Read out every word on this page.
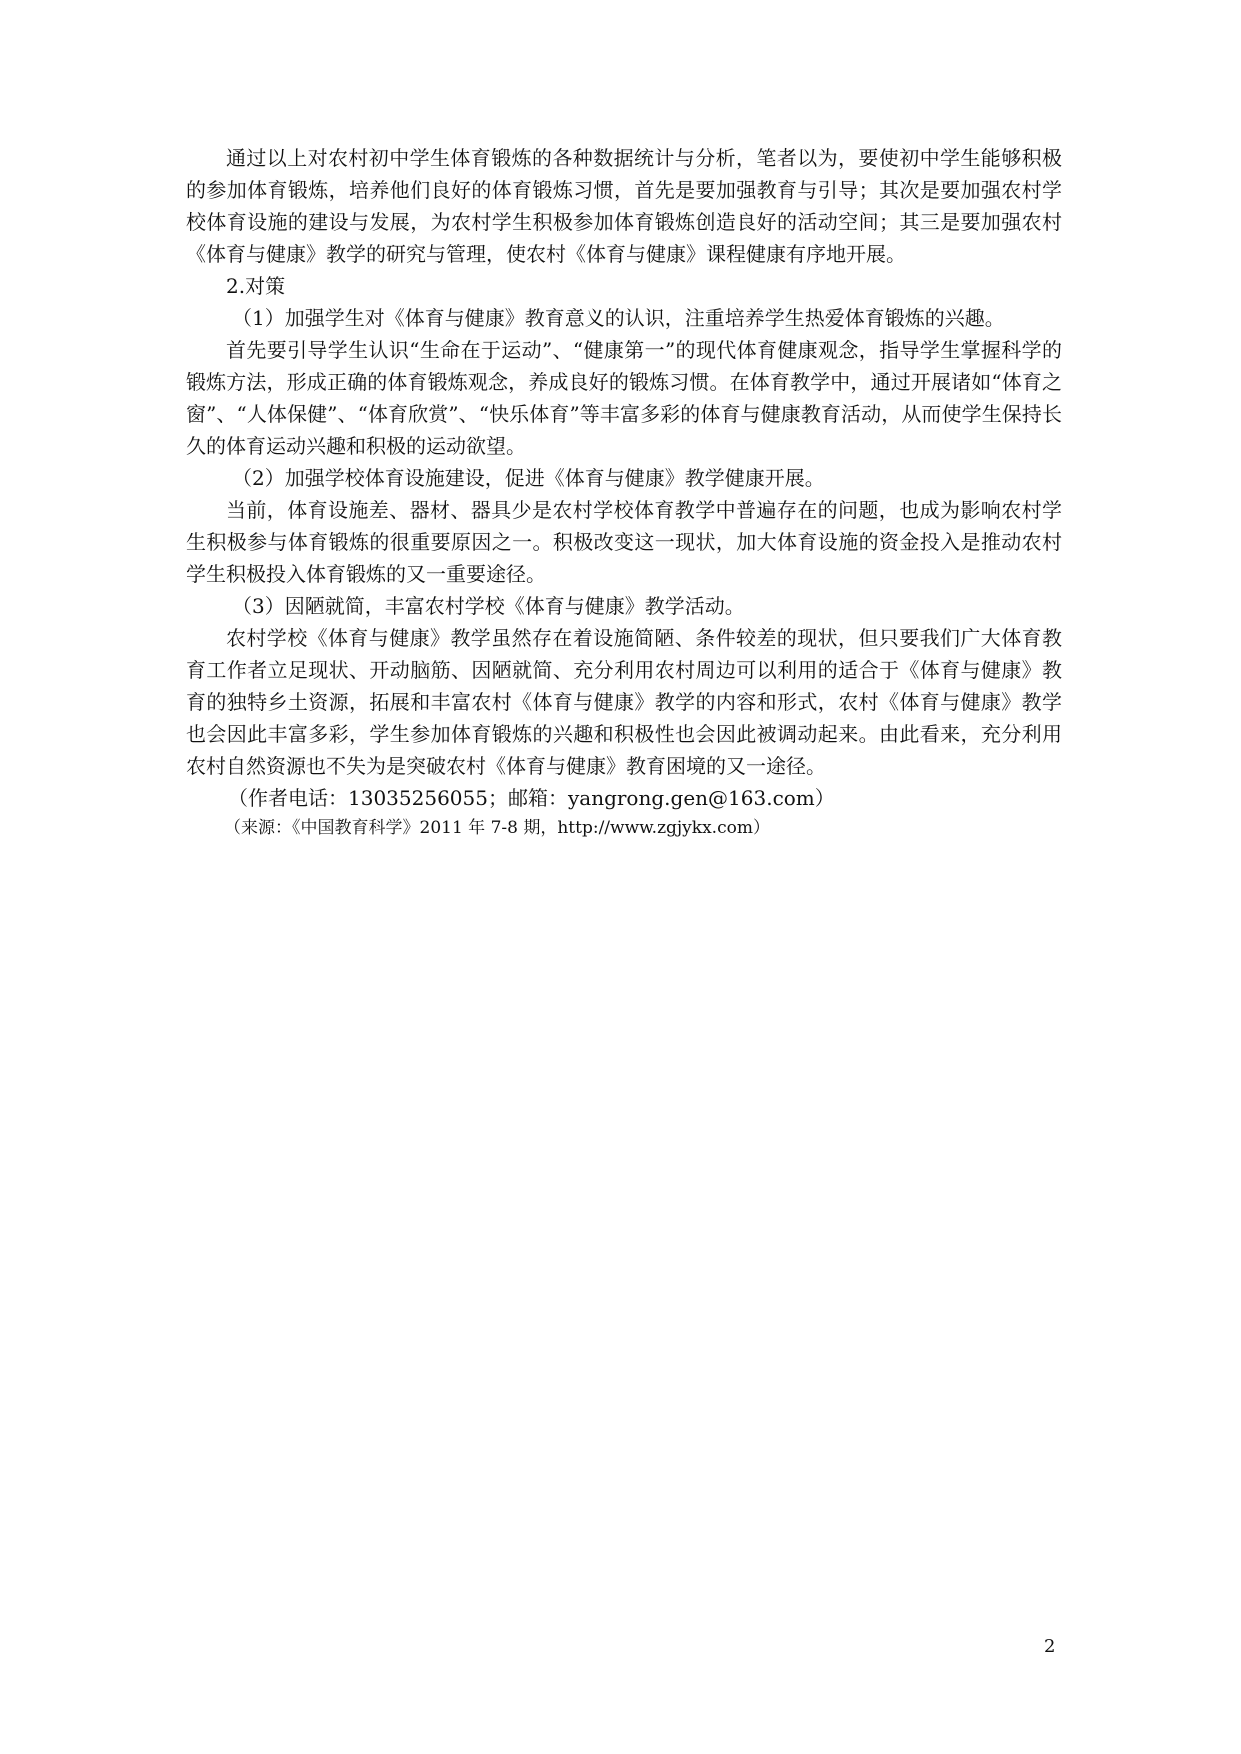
通过以上对农村初中学生体育锻炼的各种数据统计与分析，笔者以为，要使初中学生能够积极的参加体育锻炼，培养他们良好的体育锻炼习惯，首先是要加强教育与引导；其次是要加强农村学校体育设施的建设与发展，为农村学生积极参加体育锻炼创造良好的活动空间；其三是要加强农村《体育与健康》教学的研究与管理，使农村《体育与健康》课程健康有序地开展。

2.对策

（1）加强学生对《体育与健康》教育意义的认识，注重培养学生热爱体育锻炼的兴趣。

首先要引导学生认识“生命在于运动”、“健康第一”的现代体育健康观念，指导学生掌握科学的锻炼方法，形成正确的体育锻炼观念，养成良好的锻炼习惯。在体育教学中，通过开展诸如“体育之窗”、“人体保健”、“体育欣赏”、“快乐体育”等丰富多彩的体育与健康教育活动，从而使学生保持长久的体育运动兴趣和积极的运动欲望。

（2）加强学校体育设施建设，促进《体育与健康》教学健康开展。

当前，体育设施差、器材、器具少是农村学校体育教学中普遍存在的问题，也成为影响农村学生积极参与体育锻炼的很重要原因之一。积极改变这一现状，加大体育设施的资金投入是推动农村学生积极投入体育锻炼的又一重要途径。

（3）因陋就简，丰富农村学校《体育与健康》教学活动。

农村学校《体育与健康》教学虽然存在着设施简陋、条件较差的现状，但只要我们广大体育教育工作者立足现状、开动脑筋、因陋就简、充分利用农村周边可以利用的适合于《体育与健康》教育的独特乡土资源，拓展和丰富农村《体育与健康》教学的内容和形式，农村《体育与健康》教学也会因此丰富多彩，学生参加体育锻炼的兴趣和积极性也会因此被调动起来。由此看来，充分利用农村自然资源也不失为是突破农村《体育与健康》教育困境的又一途径。

（作者电话：13035256055；邮箱：yangrong.gen@163.com）

（来源：《中国教育科学》2011 年 7-8 期，http://www.zgjykx.com）

2
